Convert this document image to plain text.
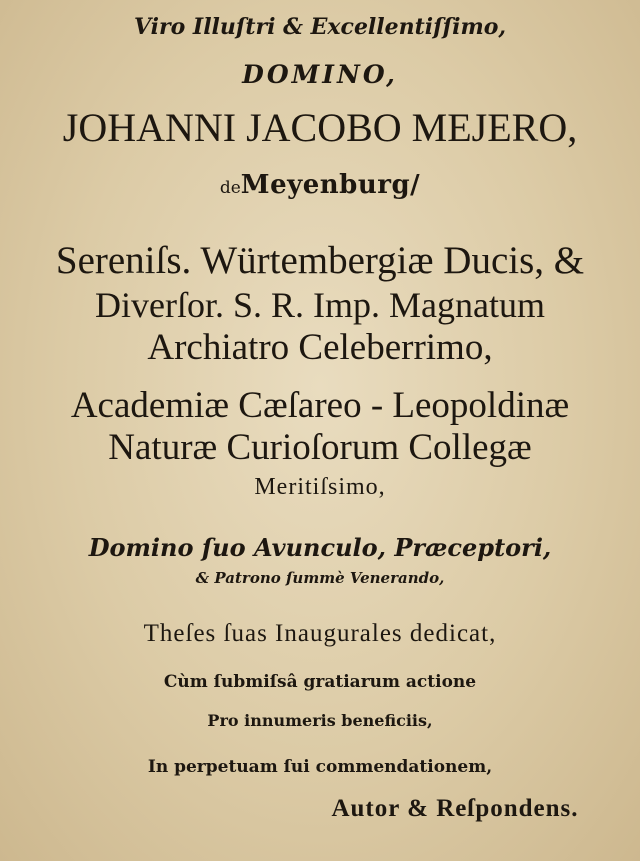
Viro Illuſtri & Excellentiſſimo,
DOMINO,
JOHANNI JACOBO MEJERO,
deMeyenburg/
Sereniſs. Würtembergiæ Ducis, &
Diverſor. S. R. Imp. Magnatum
Archiatro Celeberrimo,
Academiæ Cæſareo - Leopoldinæ
Naturæ Curioſorum Collegæ
Meritiſsimo,
Domino ſuo Avunculo, Præceptori,
& Patrono ſummè Venerando,
Theſes ſuas Inaugurales dedicat,
Cùm ſubmiſsâ gratiarum actione
Pro innumeris beneficiis,
In perpetuam ſui commendationem,
Autor & Reſpondens.
